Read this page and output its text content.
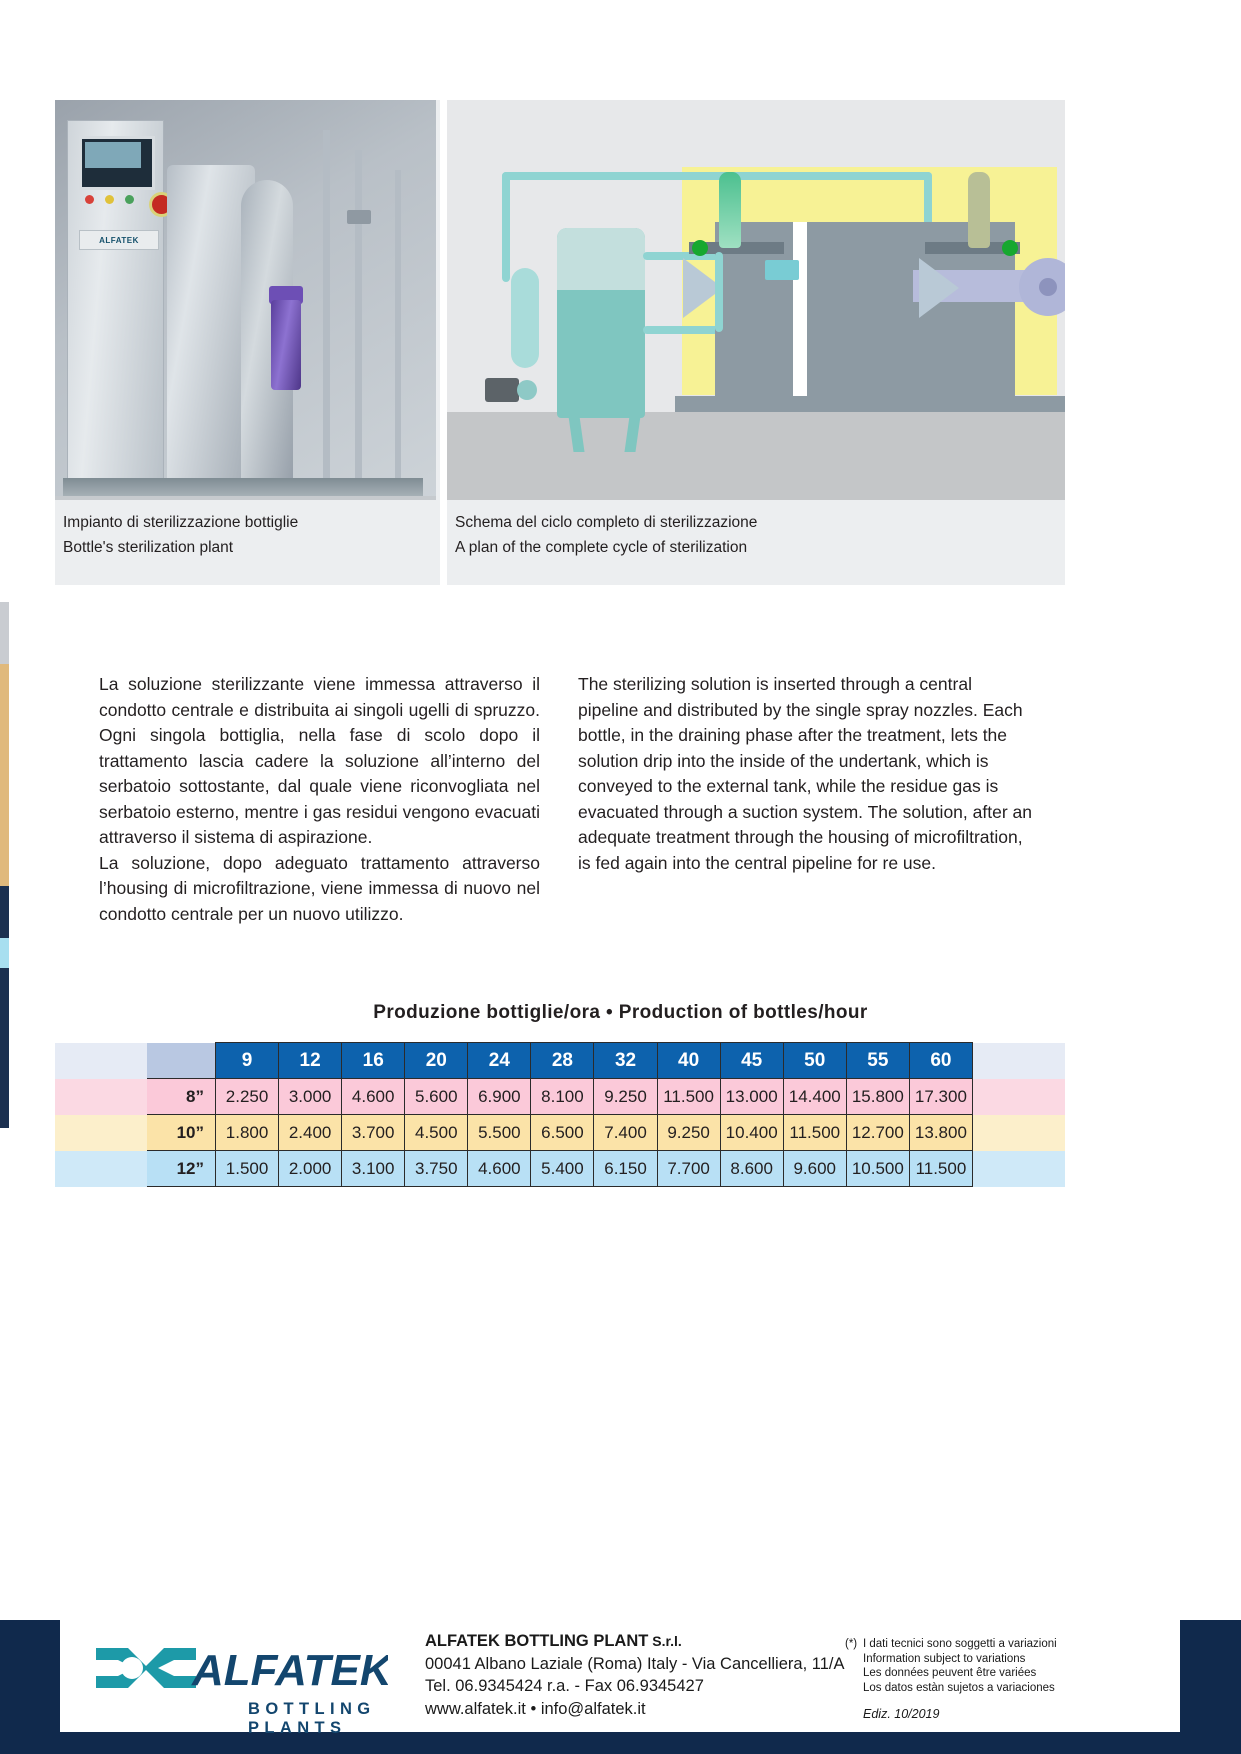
ALFATEK
Impianto di sterilizzazione bottiglie
Bottle's sterilization plant
Schema del ciclo completo di sterilizzazione
A plan of the complete cycle of sterilization

La soluzione sterilizzante viene immessa attraverso il condotto centrale e distribuita ai singoli ugelli di spruzzo. Ogni singola bottiglia, nella fase di scolo dopo il trattamento lascia cadere la soluzione all’interno del serbatoio sottostante, dal quale viene riconvogliata nel serbatoio esterno, mentre i gas residui vengono evacuati attraverso il sistema di aspirazione.

La soluzione, dopo adeguato trattamento attraverso l’housing di microfiltrazione, viene immessa di nuovo nel condotto centrale per un nuovo utilizzo.

The sterilizing solution is inserted through a central pipeline and distributed by the single spray nozzles. Each bottle, in the draining phase after the treatment, lets the solution drip into the inside of the undertank, which is conveyed to the external tank, while the residue gas is evacuated through a suction system. The solution, after an adequate treatment through the housing of microfiltration, is fed again into the central pipeline for re use.

Produzione bottiglie/ora • Production of bottles/hour
		9	12	16	20	24	28	32	40	45	50	55	60	
	8”	2.250	3.000	4.600	5.600	6.900	8.100	9.250	11.500	13.000	14.400	15.800	17.300	
	10”	1.800	2.400	3.700	4.500	5.500	6.500	7.400	9.250	10.400	11.500	12.700	13.800	
	12”	1.500	2.000	3.100	3.750	4.600	5.400	6.150	7.700	8.600	9.600	10.500	11.500	
ALFATEK
BOTTLING PLANTS
ALFATEK BOTTLING PLANT S.r.l.
00041 Albano Laziale (Roma) Italy - Via Cancelliera, 11/A
Tel. 06.9345424 r.a. - Fax 06.9345427
www.alfatek.it • info@alfatek.it
(*) I dati tecnici sono soggetti a variazioni
Information subject to variations
Les données peuvent être variées
Los datos estàn sujetos a variaciones
Ediz. 10/2019
